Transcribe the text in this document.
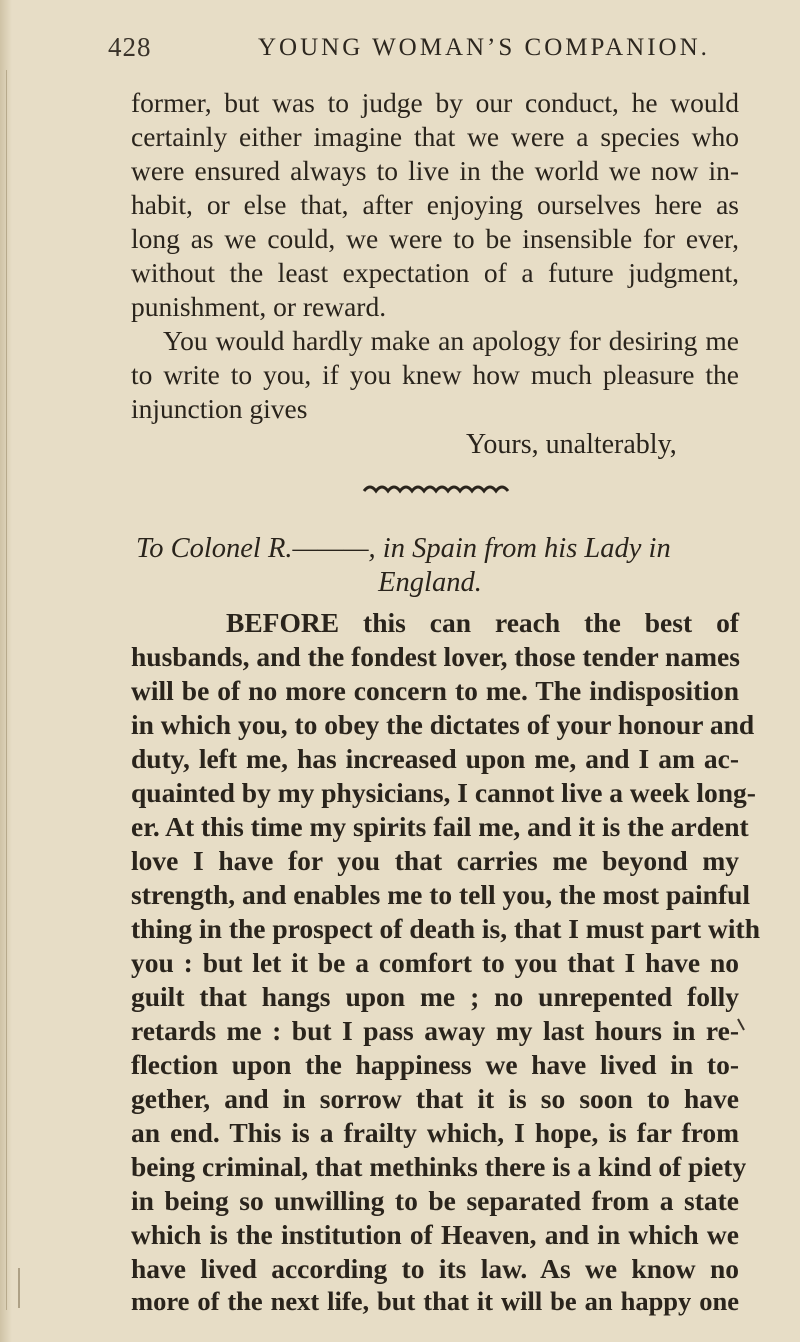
428	YOUNG WOMAN’S COMPANION.
former, but was to judge by our conduct, he would
certainly either imagine that we were a species who
were ensured always to live in the world we now in-
habit, or else that, after enjoying ourselves here as
long as we could, we were to be insensible for ever,
without the least expectation of a future judgment,
punishment, or reward.
You would hardly make an apology for desiring me
to write to you, if you knew how much pleasure the
injunction gives
Yours, unalterably,
To Colonel R.———, in Spain from his Lady in
England.
BEFORE this can reach the best of
husbands, and the fondest lover, those tender names
will be of no more concern to me. The indisposition
in which you, to obey the dictates of your honour and
duty, left me, has increased upon me, and I am ac-
quainted by my physicians, I cannot live a week long-
er. At this time my spirits fail me, and it is the ardent
love I have for you that carries me beyond my
strength, and enables me to tell you, the most painful
thing in the prospect of death is, that I must part with
you : but let it be a comfort to you that I have no
guilt that hangs upon me ; no unrepented folly
retards me : but I pass away my last hours in re-
flection upon the happiness we have lived in to-
gether, and in sorrow that it is so soon to have
an end. This is a frailty which, I hope, is far from
being criminal, that methinks there is a kind of piety
in being so unwilling to be separated from a state
which is the institution of Heaven, and in which we
have lived according to its law. As we know no
more of the next life, but that it will be an happy one
